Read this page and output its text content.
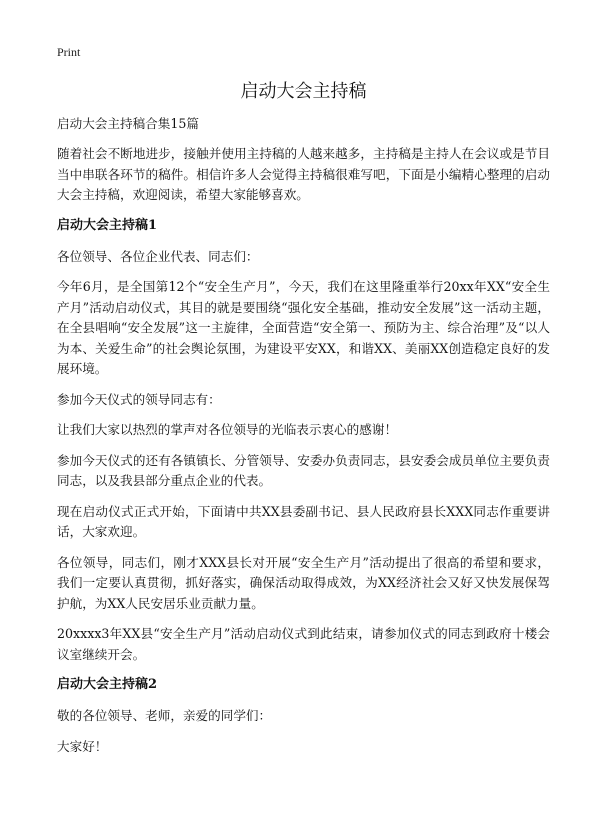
Print
启动大会主持稿

启动大会主持稿合集15篇

随着社会不断地进步，接触并使用主持稿的人越来越多，主持稿是主持人在会议或是节目当中串联各环节的稿件。相信许多人会觉得主持稿很难写吧，下面是小编精心整理的启动大会主持稿，欢迎阅读，希望大家能够喜欢。

启动大会主持稿1

各位领导、各位企业代表、同志们：

今年6月，是全国第12个“安全生产月”，今天，我们在这里隆重举行20xx年XX“安全生产月”活动启动仪式，其目的就是要围绕“强化安全基础，推动安全发展”这一活动主题，在全县唱响“安全发展”这一主旋律，全面营造“安全第一、预防为主、综合治理”及“以人为本、关爱生命”的社会舆论氛围，为建设平安XX，和谐XX、美丽XX创造稳定良好的发展环境。

参加今天仪式的领导同志有：

让我们大家以热烈的掌声对各位领导的光临表示衷心的感谢！

参加今天仪式的还有各镇镇长、分管领导、安委办负责同志，县安委会成员单位主要负责同志，以及我县部分重点企业的代表。

现在启动仪式正式开始，下面请中共XX县委副书记、县人民政府县长XXX同志作重要讲话，大家欢迎。

各位领导，同志们，刚才XXX县长对开展“安全生产月”活动提出了很高的希望和要求，我们一定要认真贯彻，抓好落实，确保活动取得成效，为XX经济社会又好又快发展保驾护航，为XX人民安居乐业贡献力量。

20xxxx3年XX县“安全生产月”活动启动仪式到此结束，请参加仪式的同志到政府十楼会议室继续开会。

启动大会主持稿2

敬的各位领导、老师，亲爱的同学们：

大家好！
